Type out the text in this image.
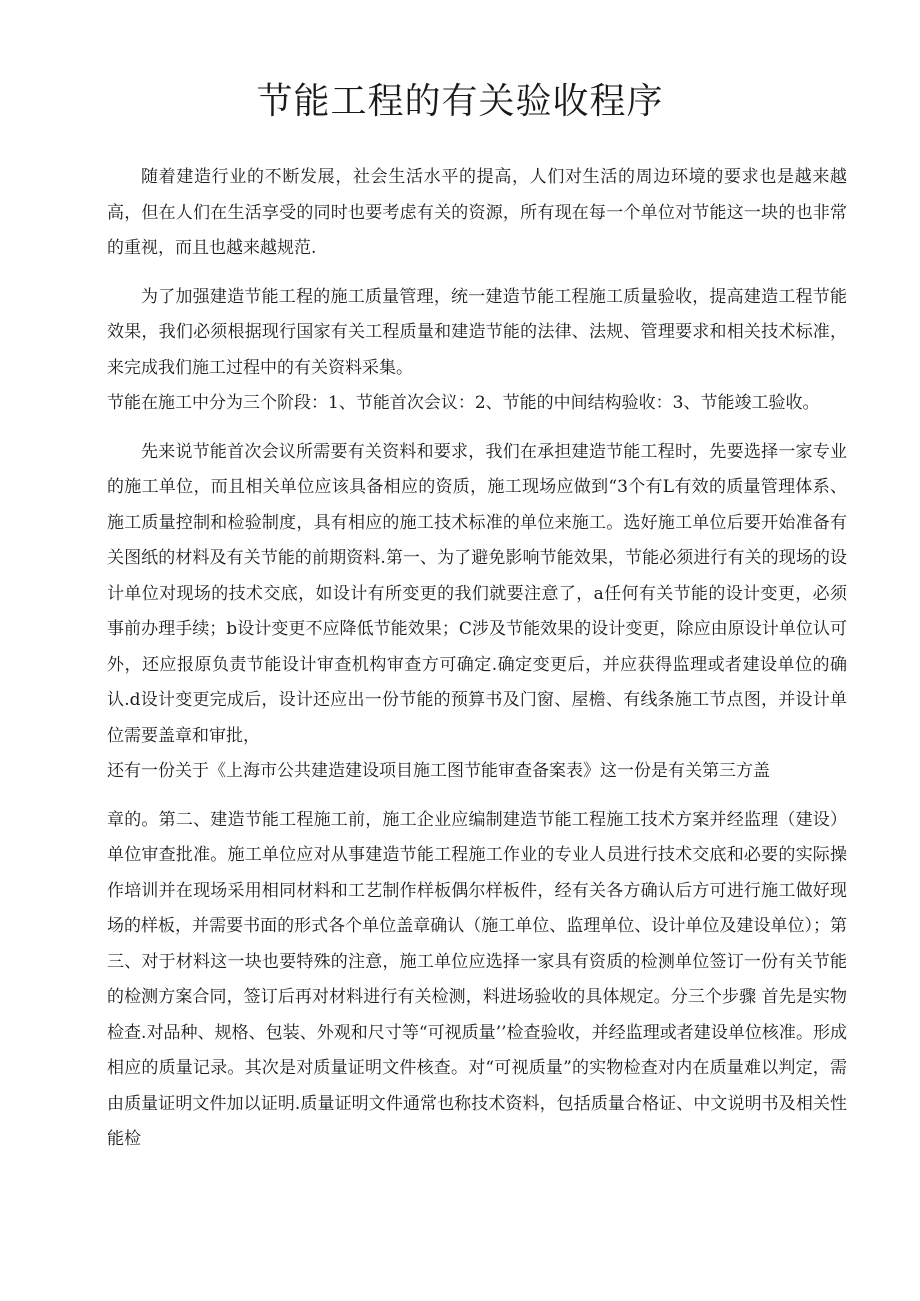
节能工程的有关验收程序

随着建造行业的不断发展，社会生活水平的提高，人们对生活的周边环境的要求也是越来越高，但在人们在生活享受的同时也要考虑有关的资源，所有现在每一个单位对节能这一块的也非常的重视，而且也越来越规范.

为了加强建造节能工程的施工质量管理，统一建造节能工程施工质量验收，提高建造工程节能效果，我们必须根据现行国家有关工程质量和建造节能的法律、法规、管理要求和相关技术标准，来完成我们施工过程中的有关资料采集。

节能在施工中分为三个阶段：1、节能首次会议：2、节能的中间结构验收：3、节能竣工验收。

先来说节能首次会议所需要有关资料和要求，我们在承担建造节能工程时，先要选择一家专业的施工单位，而且相关单位应该具备相应的资质，施工现场应做到“3个有L有效的质量管理体系、施工质量控制和检验制度，具有相应的施工技术标准的单位来施工。选好施工单位后要开始准备有关图纸的材料及有关节能的前期资料.第一、为了避免影响节能效果，节能必须进行有关的现场的设计单位对现场的技术交底，如设计有所变更的我们就要注意了，a任何有关节能的设计变更，必须事前办理手续；b设计变更不应降低节能效果；C涉及节能效果的设计变更，除应由原设计单位认可外，还应报原负责节能设计审查机构审查方可确定.确定变更后，并应获得监理或者建设单位的确认.d设计变更完成后，设计还应出一份节能的预算书及门窗、屋檐、有线条施工节点图，并设计单位需要盖章和审批，

还有一份关于《上海市公共建造建设项目施工图节能审查备案表》这一份是有关第三方盖

章的。第二、建造节能工程施工前，施工企业应编制建造节能工程施工技术方案并经监理（建设）单位审查批准。施工单位应对从事建造节能工程施工作业的专业人员进行技术交底和必要的实际操作培训并在现场采用相同材料和工艺制作样板偶尔样板件，经有关各方确认后方可进行施工做好现场的样板，并需要书面的形式各个单位盖章确认（施工单位、监理单位、设计单位及建设单位）；第三、对于材料这一块也要特殊的注意，施工单位应选择一家具有资质的检测单位签订一份有关节能的检测方案合同，签订后再对材料进行有关检测，料进场验收的具体规定。分三个步骤 首先是实物检查.对品种、规格、包装、外观和尺寸等“可视质量’’检查验收，并经监理或者建设单位核准。形成相应的质量记录。其次是对质量证明文件核查。对“可视质量”的实物检查对内在质量难以判定，需由质量证明文件加以证明.质量证明文件通常也称技术资料，包括质量合格证、中文说明书及相关性能检
